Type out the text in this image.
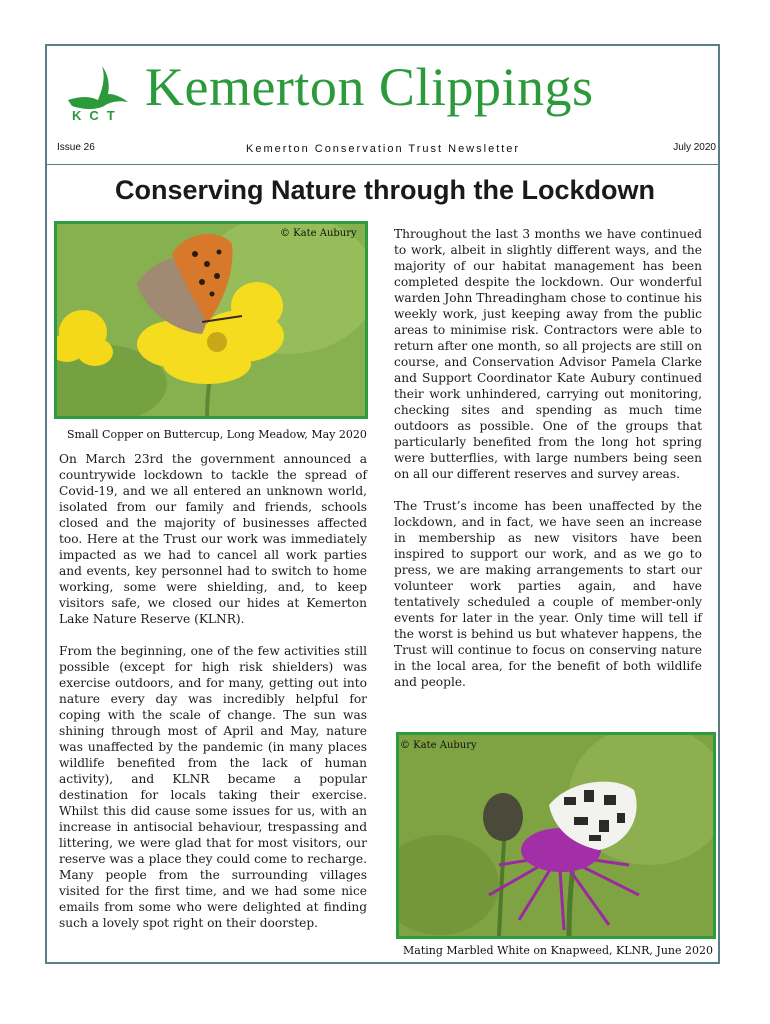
KCT Kemerton Clippings
Issue 26	Kemerton Conservation Trust Newsletter	July 2020
Conserving Nature through the Lockdown
© Kate Aubury
Small Copper on Buttercup, Long Meadow, May 2020

On March 23rd the government announced a countrywide lockdown to tackle the spread of Covid-19, and we all entered an unknown world, isolated from our family and friends, schools closed and the majority of businesses affected too. Here at the Trust our work was immediately impacted as we had to cancel all work parties and events, key personnel had to switch to home working, some were shielding, and, to keep visitors safe, we closed our hides at Kemerton Lake Nature Reserve (KLNR).

From the beginning, one of the few activities still possible (except for high risk shielders) was exercise outdoors, and for many, getting out into nature every day was incredibly helpful for coping with the scale of change. The sun was shining through most of April and May, nature was unaffected by the pandemic (in many places wildlife benefited from the lack of human activity), and KLNR became a popular destination for locals taking their exercise. Whilst this did cause some issues for us, with an increase in antisocial behaviour, trespassing and littering, we were glad that for most visitors, our reserve was a place they could come to recharge. Many people from the surrounding villages visited for the first time, and we had some nice emails from some who were delighted at finding such a lovely spot right on their doorstep.

Throughout the last 3 months we have continued to work, albeit in slightly different ways, and the majority of our habitat management has been completed despite the lockdown. Our wonderful warden John Threadingham chose to continue his weekly work, just keeping away from the public areas to minimise risk. Contractors were able to return after one month, so all projects are still on course, and Conservation Advisor Pamela Clarke and Support Coordinator Kate Aubury continued their work unhindered, carrying out monitoring, checking sites and spending as much time outdoors as possible. One of the groups that particularly benefited from the long hot spring were butterflies, with large numbers being seen on all our different reserves and survey areas.

The Trust’s income has been unaffected by the lockdown, and in fact, we have seen an increase in membership as new visitors have been inspired to support our work, and as we go to press, we are making arrangements to start our volunteer work parties again, and have tentatively scheduled a couple of member-only events for later in the year. Only time will tell if the worst is behind us but whatever happens, the Trust will continue to focus on conserving nature in the local area, for the benefit of both wildlife and people.

© Kate Aubury
Mating Marbled White on Knapweed, KLNR, June 2020
